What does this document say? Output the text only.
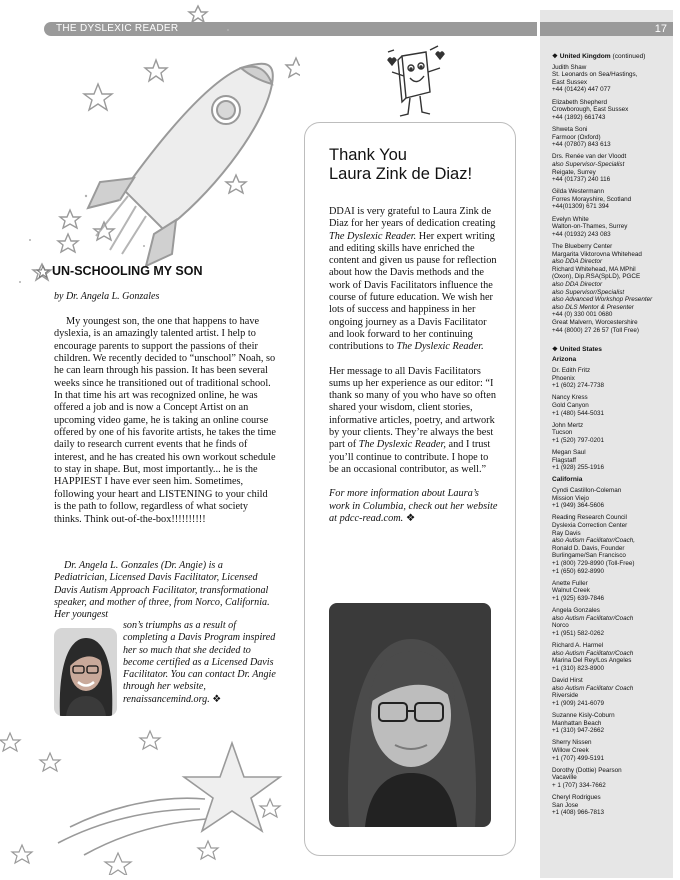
THE DYSLEXIC READER	17
❖ United Kingdom (continued)
Judith Shaw
St. Leonards on Sea/Hastings,
East Sussex
+44 (01424) 447 077
Elizabeth Shepherd
Crowborough, East Sussex
+44 (1892) 661743
Shweta Soni
Farmoor (Oxford)
+44 (07807) 843 613
Drs. Renée van der Vloodt
also Supervisor-Specialist
Reigate, Surrey
+44 (01737) 240 116
Gilda Westermann
Forres Morayshire, Scotland
+44(01309) 671 394
Evelyn White
Walton-on-Thames, Surrey
+44 (01932) 243 083
The Blueberry Center
Margarita Viktorovna Whitehead
also DDA Director
Richard Whitehead, MA MPhil
(Oxon), Dip.RSA(SpLD), PGCE
also DDA Director
also Supervisor/Specialist
also Advanced Workshop Presenter
also DLS Mentor & Presenter
+44 (0) 330 001 0680
Great Malvern, Worcestershire
+44 (8000) 27 26 57 (Toll Free)
❖ United States
Arizona
Dr. Edith Fritz
Phoenix
+1 (602) 274-7738
Nancy Kress
Gold Canyon
+1 (480) 544-5031
John Mertz
Tucson
+1 (520) 797-0201
Megan Saul
Flagstaff
+1 (928) 255-1916
California
Cyndi Castillon-Coleman
Mission Viejo
+1 (949) 364-5606
Reading Research Council
Dyslexia Correction Center
Ray Davis
also Autism Facilitator/Coach,
Ronald D. Davis, Founder
Burlingame/San Francisco
+1 (800) 729-8990 (Toll-Free)
+1 (650) 692-8990
Anette Fuller
Walnut Creek
+1 (925) 639-7846
Angela Gonzales
also Autism Facilitator/Coach
Norco
+1 (951) 582-0262
Richard A. Harmel
also Autism Facilitator/Coach
Marina Del Rey/Los Angeles
+1 (310) 823-8900
David Hirst
also Autism Facilitator Coach
Riverside
+1 (909) 241-6079
Suzanne Kisly-Coburn
Manhattan Beach
+1 (310) 947-2662
Sherry Nissen
Willow Creek
+1 (707) 499-5191
Dorothy (Dottie) Pearson
Vacaville
+ 1 (707) 334-7662
Cheryl Rodrigues
San Jose
+1 (408) 966-7813
UN-SCHOOLING MY SON
by Dr. Angela L. Gonzales
My youngest son, the one that happens to have dyslexia, is an amazingly talented artist. I help to encourage parents to support the passions of their children. We recently decided to “unschool” Noah, so he can learn through his passion. It has been several weeks since he transitioned out of traditional school. In that time his art was recognized online, he was offered a job and is now a Concept Artist on an upcoming video game, he is taking an online course offered by one of his favorite artists, he takes the time daily to research current events that he finds of interest, and he has created his own workout schedule to stay in shape. But, most importantly... he is the HAPPIEST I have ever seen him. Sometimes, following your heart and LISTENING to your child is the path to follow, regardless of what society thinks. Think out-of-the-box!!!!!!!!!!
Dr. Angela L. Gonzales (Dr. Angie) is a Pediatrician, Licensed Davis Facilitator, Licensed Davis Autism Approach Facilitator, transformational speaker, and mother of three, from Norco, California. Her youngest
son’s triumphs as a result of completing a Davis Program inspired her so much that she decided to become certified as a Licensed Davis Facilitator. You can contact Dr. Angie through her website, renaissancemind.org. ❖
Thank You
Laura Zink de Diaz!

DDAI is very grateful to Laura Zink de Diaz for her years of dedication creating The Dyslexic Reader. Her expert writing and editing skills have enriched the content and given us pause for reflection about how the Davis methods and the work of Davis Facilitators influence the course of future education. We wish her lots of success and happiness in her ongoing journey as a Davis Facilitator and look forward to her continuing contributions to The Dyslexic Reader.

Her message to all Davis Facilitators sums up her experience as our editor: “I thank so many of you who have so often shared your wisdom, client stories, informative articles, poetry, and artwork by your clients. They’re always the best part of The Dyslexic Reader, and I trust you’ll continue to contribute. I hope to be an occasional contributor, as well.”

For more information about Laura’s work in Columbia, check out her website at pdcc-read.com. ❖
